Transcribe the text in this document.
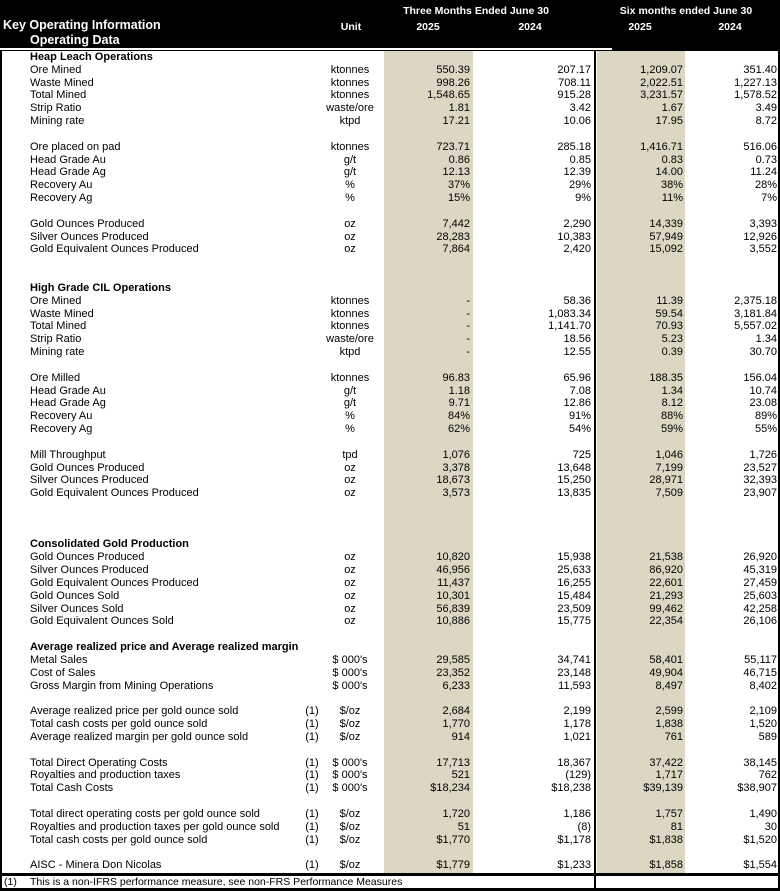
Key Operating Information
Operating Data
Unit
Three Months Ended June 30	Six months ended June 30
2025	2024	2025	2024
Heap Leach Operations
Ore Mined	ktonnes	550.39	207.17	1,209.07	351.40
Waste Mined	ktonnes	998.26	708.11	2,022.51	1,227.13
Total Mined	ktonnes	1,548.65	915.28	3,231.57	1,578.52
Strip Ratio	waste/ore	1.81	3.42	1.67	3.49
Mining rate	ktpd	17.21	10.06	17.95	8.72
Ore placed on pad	ktonnes	723.71	285.18	1,416.71	516.06
Head Grade Au	g/t	0.86	0.85	0.83	0.73
Head Grade Ag	g/t	12.13	12.39	14.00	11.24
Recovery Au	%	37%	29%	38%	28%
Recovery Ag	%	15%	9%	11%	7%
Gold Ounces Produced	oz	7,442	2,290	14,339	3,393
Silver Ounces Produced	oz	28,283	10,383	57,949	12,926
Gold Equivalent Ounces Produced	oz	7,864	2,420	15,092	3,552
High Grade CIL Operations
Ore Mined	ktonnes	-	58.36	11.39	2,375.18
Waste Mined	ktonnes	-	1,083.34	59.54	3,181.84
Total Mined	ktonnes	-	1,141.70	70.93	5,557.02
Strip Ratio	waste/ore	-	18.56	5.23	1.34
Mining rate	ktpd	-	12.55	0.39	30.70
Ore Milled	ktonnes	96.83	65.96	188.35	156.04
Head Grade Au	g/t	1.18	7.08	1.34	10.74
Head Grade Ag	g/t	9.71	12.86	8.12	23.08
Recovery Au	%	84%	91%	88%	89%
Recovery Ag	%	62%	54%	59%	55%
Mill Throughput	tpd	1,076	725	1,046	1,726
Gold Ounces Produced	oz	3,378	13,648	7,199	23,527
Silver Ounces Produced	oz	18,673	15,250	28,971	32,393
Gold Equivalent Ounces Produced	oz	3,573	13,835	7,509	23,907
Consolidated Gold Production
Gold Ounces Produced	oz	10,820	15,938	21,538	26,920
Silver Ounces Produced	oz	46,956	25,633	86,920	45,319
Gold Equivalent Ounces Produced	oz	11,437	16,255	22,601	27,459
Gold Ounces Sold	oz	10,301	15,484	21,293	25,603
Silver Ounces Sold	oz	56,839	23,509	99,462	42,258
Gold Equivalent Ounces Sold	oz	10,886	15,775	22,354	26,106
Average realized price and Average realized margin
Metal Sales	$ 000's	29,585	34,741	58,401	55,117
Cost of Sales	$ 000's	23,352	23,148	49,904	46,715
Gross Margin from Mining Operations	$ 000's	6,233	11,593	8,497	8,402
Average realized price per gold ounce sold	(1)	$/oz	2,684	2,199	2,599	2,109
Total cash costs per gold ounce sold	(1)	$/oz	1,770	1,178	1,838	1,520
Average realized margin per gold ounce sold	(1)	$/oz	914	1,021	761	589
Total Direct Operating Costs	(1)	$ 000's	17,713	18,367	37,422	38,145
Royalties and production taxes	(1)	$ 000's	521	(129)	1,717	762
Total Cash Costs	(1)	$ 000's	$18,234	$18,238	$39,139	$38,907
Total direct operating costs per gold ounce sold	(1)	$/oz	1,720	1,186	1,757	1,490
Royalties and production taxes per gold ounce sold	(1)	$/oz	51	(8)	81	30
Total cash costs per gold ounce sold	(1)	$/oz	$1,770	$1,178	$1,838	$1,520
AISC - Minera Don Nicolas	(1)	$/oz	$1,779	$1,233	$1,858	$1,554
(1) This is a non-IFRS performance measure, see non-FRS Performance Measures
